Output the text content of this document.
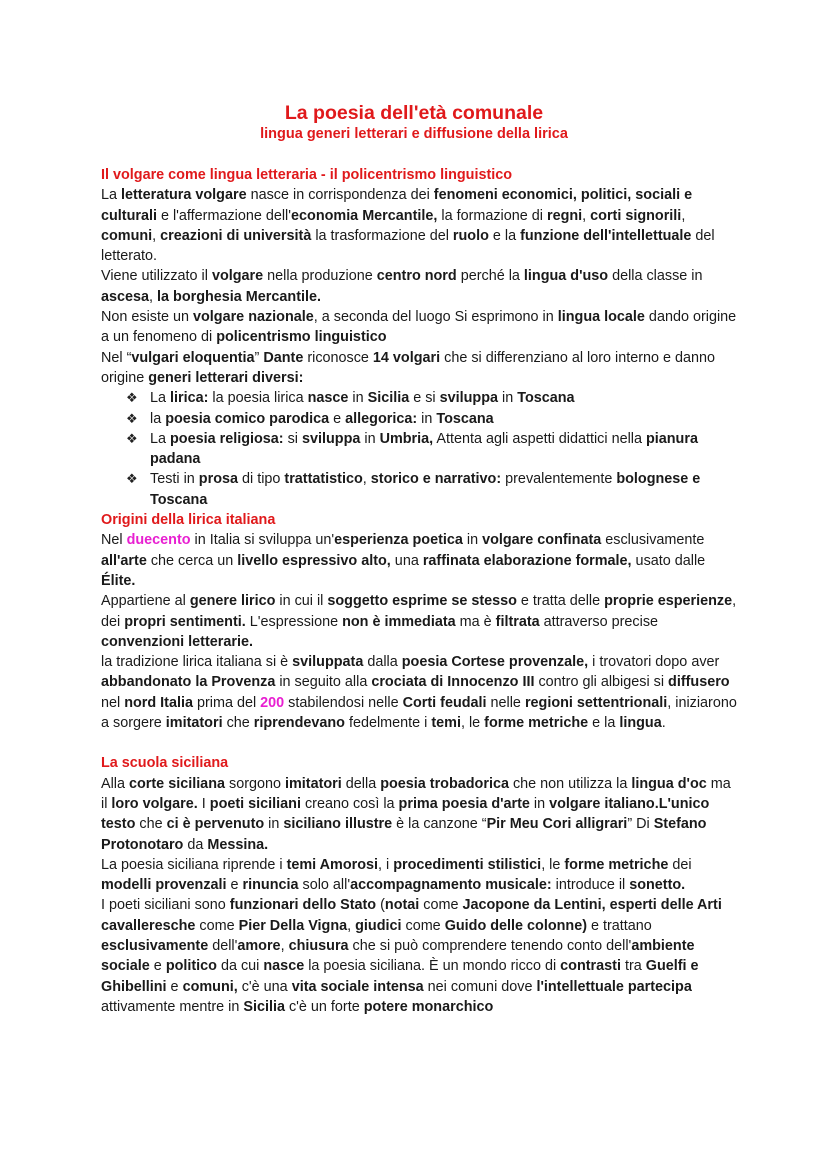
La poesia dell'età comunale
lingua generi letterari e diffusione della lirica

Il volgare come lingua letteraria - il policentrismo linguistico

La letteratura volgare nasce in corrispondenza dei fenomeni economici, politici, sociali e culturali e l'affermazione dell'economia Mercantile, la formazione di regni, corti signorili, comuni, creazioni di università la trasformazione del ruolo e la funzione dell'intellettuale del letterato.

Viene utilizzato il volgare nella produzione centro nord perché la lingua d'uso della classe in ascesa, la borghesia Mercantile.

Non esiste un volgare nazionale, a seconda del luogo Si esprimono in lingua locale dando origine a un fenomeno di policentrismo linguistico

Nel “vulgari eloquentia” Dante riconosce 14 volgari che si differenziano al loro interno e danno origine generi letterari diversi:

❖ La lirica: la poesia lirica nasce in Sicilia e si sviluppa in Toscana
❖ la poesia comico parodica e allegorica: in Toscana
❖ La poesia religiosa: si sviluppa in Umbria, Attenta agli aspetti didattici nella pianura padana
❖ Testi in prosa di tipo trattatistico, storico e narrativo: prevalentemente bolognese e Toscana

Origini della lirica italiana

Nel duecento in Italia si sviluppa un'esperienza poetica in volgare confinata esclusivamente all'arte che cerca un livello espressivo alto, una raffinata elaborazione formale, usato dalle Élite.

Appartiene al genere lirico in cui il soggetto esprime se stesso e tratta delle proprie esperienze, dei propri sentimenti. L'espressione non è immediata ma è filtrata attraverso precise convenzioni letterarie.

la tradizione lirica italiana si è sviluppata dalla poesia Cortese provenzale, i trovatori dopo aver abbandonato la Provenza in seguito alla crociata di Innocenzo III contro gli albigesi si diffusero nel nord Italia prima del 200 stabilendosi nelle Corti feudali nelle regioni settentrionali, iniziarono a sorgere imitatori che riprendevano fedelmente i temi, le forme metriche e la lingua.

La scuola siciliana

Alla corte siciliana sorgono imitatori della poesia trobadorica che non utilizza la lingua d'oc ma il loro volgare. I poeti siciliani creano così la prima poesia d'arte in volgare italiano.L'unico testo che ci è pervenuto in siciliano illustre è la canzone “Pir Meu Cori alligrari” Di Stefano Protonotaro da Messina.

La poesia siciliana riprende i temi Amorosi, i procedimenti stilistici, le forme metriche dei modelli provenzali e rinuncia solo all'accompagnamento musicale: introduce il sonetto.

I poeti siciliani sono funzionari dello Stato (notai come Jacopone da Lentini, esperti delle Arti cavalleresche come Pier Della Vigna, giudici come Guido delle colonne) e trattano esclusivamente dell'amore, chiusura che si può comprendere tenendo conto dell'ambiente sociale e politico da cui nasce la poesia siciliana. È un mondo ricco di contrasti tra Guelfi e Ghibellini e comuni, c'è una vita sociale intensa nei comuni dove l'intellettuale partecipa attivamente mentre in Sicilia c'è un forte potere monarchico
